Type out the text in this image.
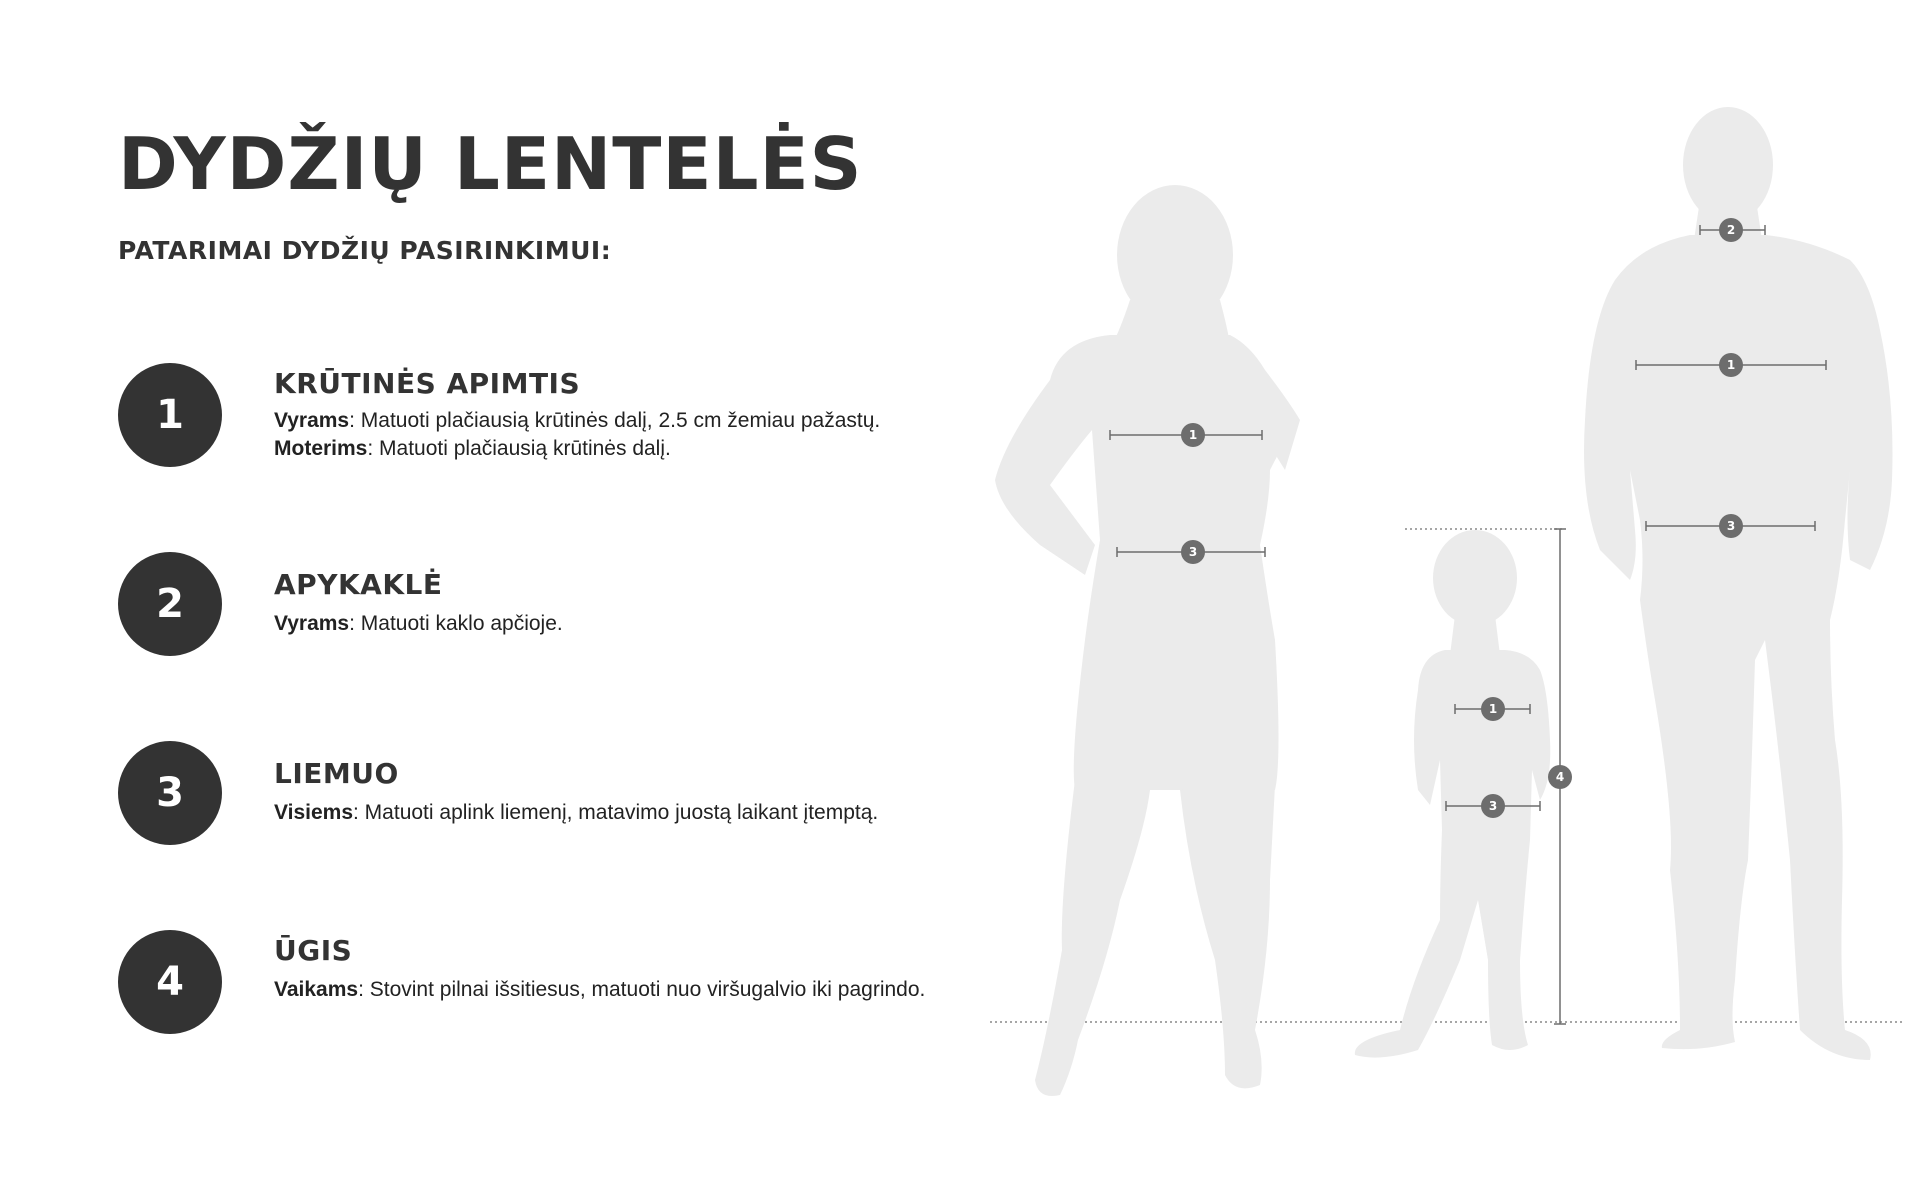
DYDŽIŲ LENTELĖS
PATARIMAI DYDŽIŲ PASIRINKIMUI:
1
KRŪTINĖS APIMTIS
Vyrams: Matuoti plačiausią krūtinės dalį, 2.5 cm žemiau pažastų.
Moterims: Matuoti plačiausią krūtinės dalį.
2	APYKAKLĖ
Vyrams: Matuoti kaklo apčioje.
3	LIEMUO
Visiems: Matuoti aplink liemenį, matavimo juostą laikant įtemptą.
4
ŪGIS
Vaikams: Stovint pilnai išsitiesus, matuoti nuo viršugalvio iki pagrindo.
1
3
1
3
4
2
1
3
